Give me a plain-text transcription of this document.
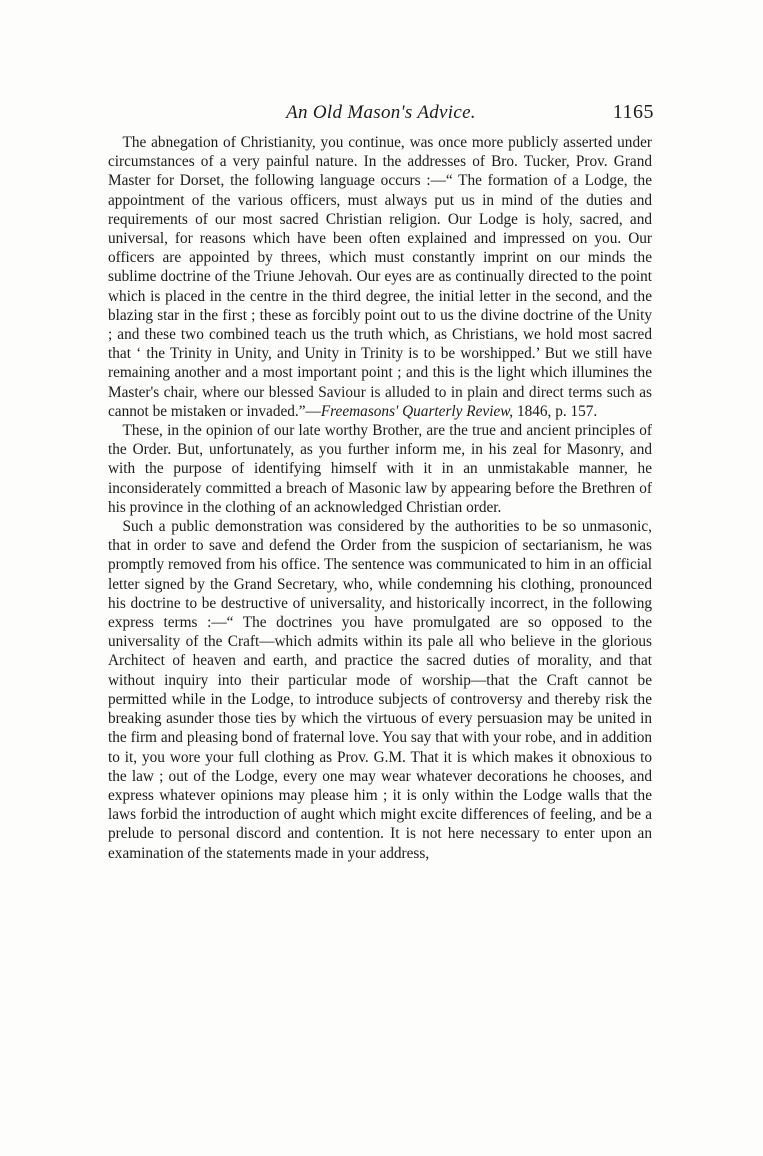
An Old Mason's Advice.	1165

The abnegation of Christianity, you continue, was once more publicly asserted under circumstances of a very painful nature. In the addresses of Bro. Tucker, Prov. Grand Master for Dorset, the following language occurs :—“ The formation of a Lodge, the appointment of the various officers, must always put us in mind of the duties and requirements of our most sacred Christian religion. Our Lodge is holy, sacred, and universal, for reasons which have been often explained and impressed on you. Our officers are appointed by threes, which must constantly imprint on our minds the sublime doctrine of the Triune Jehovah. Our eyes are as continually directed to the point which is placed in the centre in the third degree, the initial letter in the second, and the blazing star in the first ; these as forcibly point out to us the divine doctrine of the Unity ; and these two combined teach us the truth which, as Christians, we hold most sacred that ‘ the Trinity in Unity, and Unity in Trinity is to be worshipped.’ But we still have remaining another and a most important point ; and this is the light which illumines the Master's chair, where our blessed Saviour is alluded to in plain and direct terms such as cannot be mistaken or invaded.”—Freemasons' Quarterly Review, 1846, p. 157.

These, in the opinion of our late worthy Brother, are the true and ancient principles of the Order. But, unfortunately, as you further inform me, in his zeal for Masonry, and with the purpose of identifying himself with it in an unmistakable manner, he inconsiderately committed a breach of Masonic law by appearing before the Brethren of his province in the clothing of an acknowledged Christian order.

Such a public demonstration was considered by the authorities to be so unmasonic, that in order to save and defend the Order from the suspicion of sectarianism, he was promptly removed from his office. The sentence was communicated to him in an official letter signed by the Grand Secretary, who, while condemning his clothing, pronounced his doctrine to be destructive of universality, and historically incorrect, in the following express terms :—“ The doctrines you have promulgated are so opposed to the universality of the Craft—which admits within its pale all who believe in the glorious Architect of heaven and earth, and practice the sacred duties of morality, and that without inquiry into their particular mode of worship—that the Craft cannot be permitted while in the Lodge, to introduce subjects of controversy and thereby risk the breaking asunder those ties by which the virtuous of every persuasion may be united in the firm and pleasing bond of fraternal love. You say that with your robe, and in addition to it, you wore your full clothing as Prov. G.M. That it is which makes it obnoxious to the law ; out of the Lodge, every one may wear whatever decorations he chooses, and express whatever opinions may please him ; it is only within the Lodge walls that the laws forbid the introduction of aught which might excite differences of feeling, and be a prelude to personal discord and contention. It is not here necessary to enter upon an examination of the statements made in your address,
